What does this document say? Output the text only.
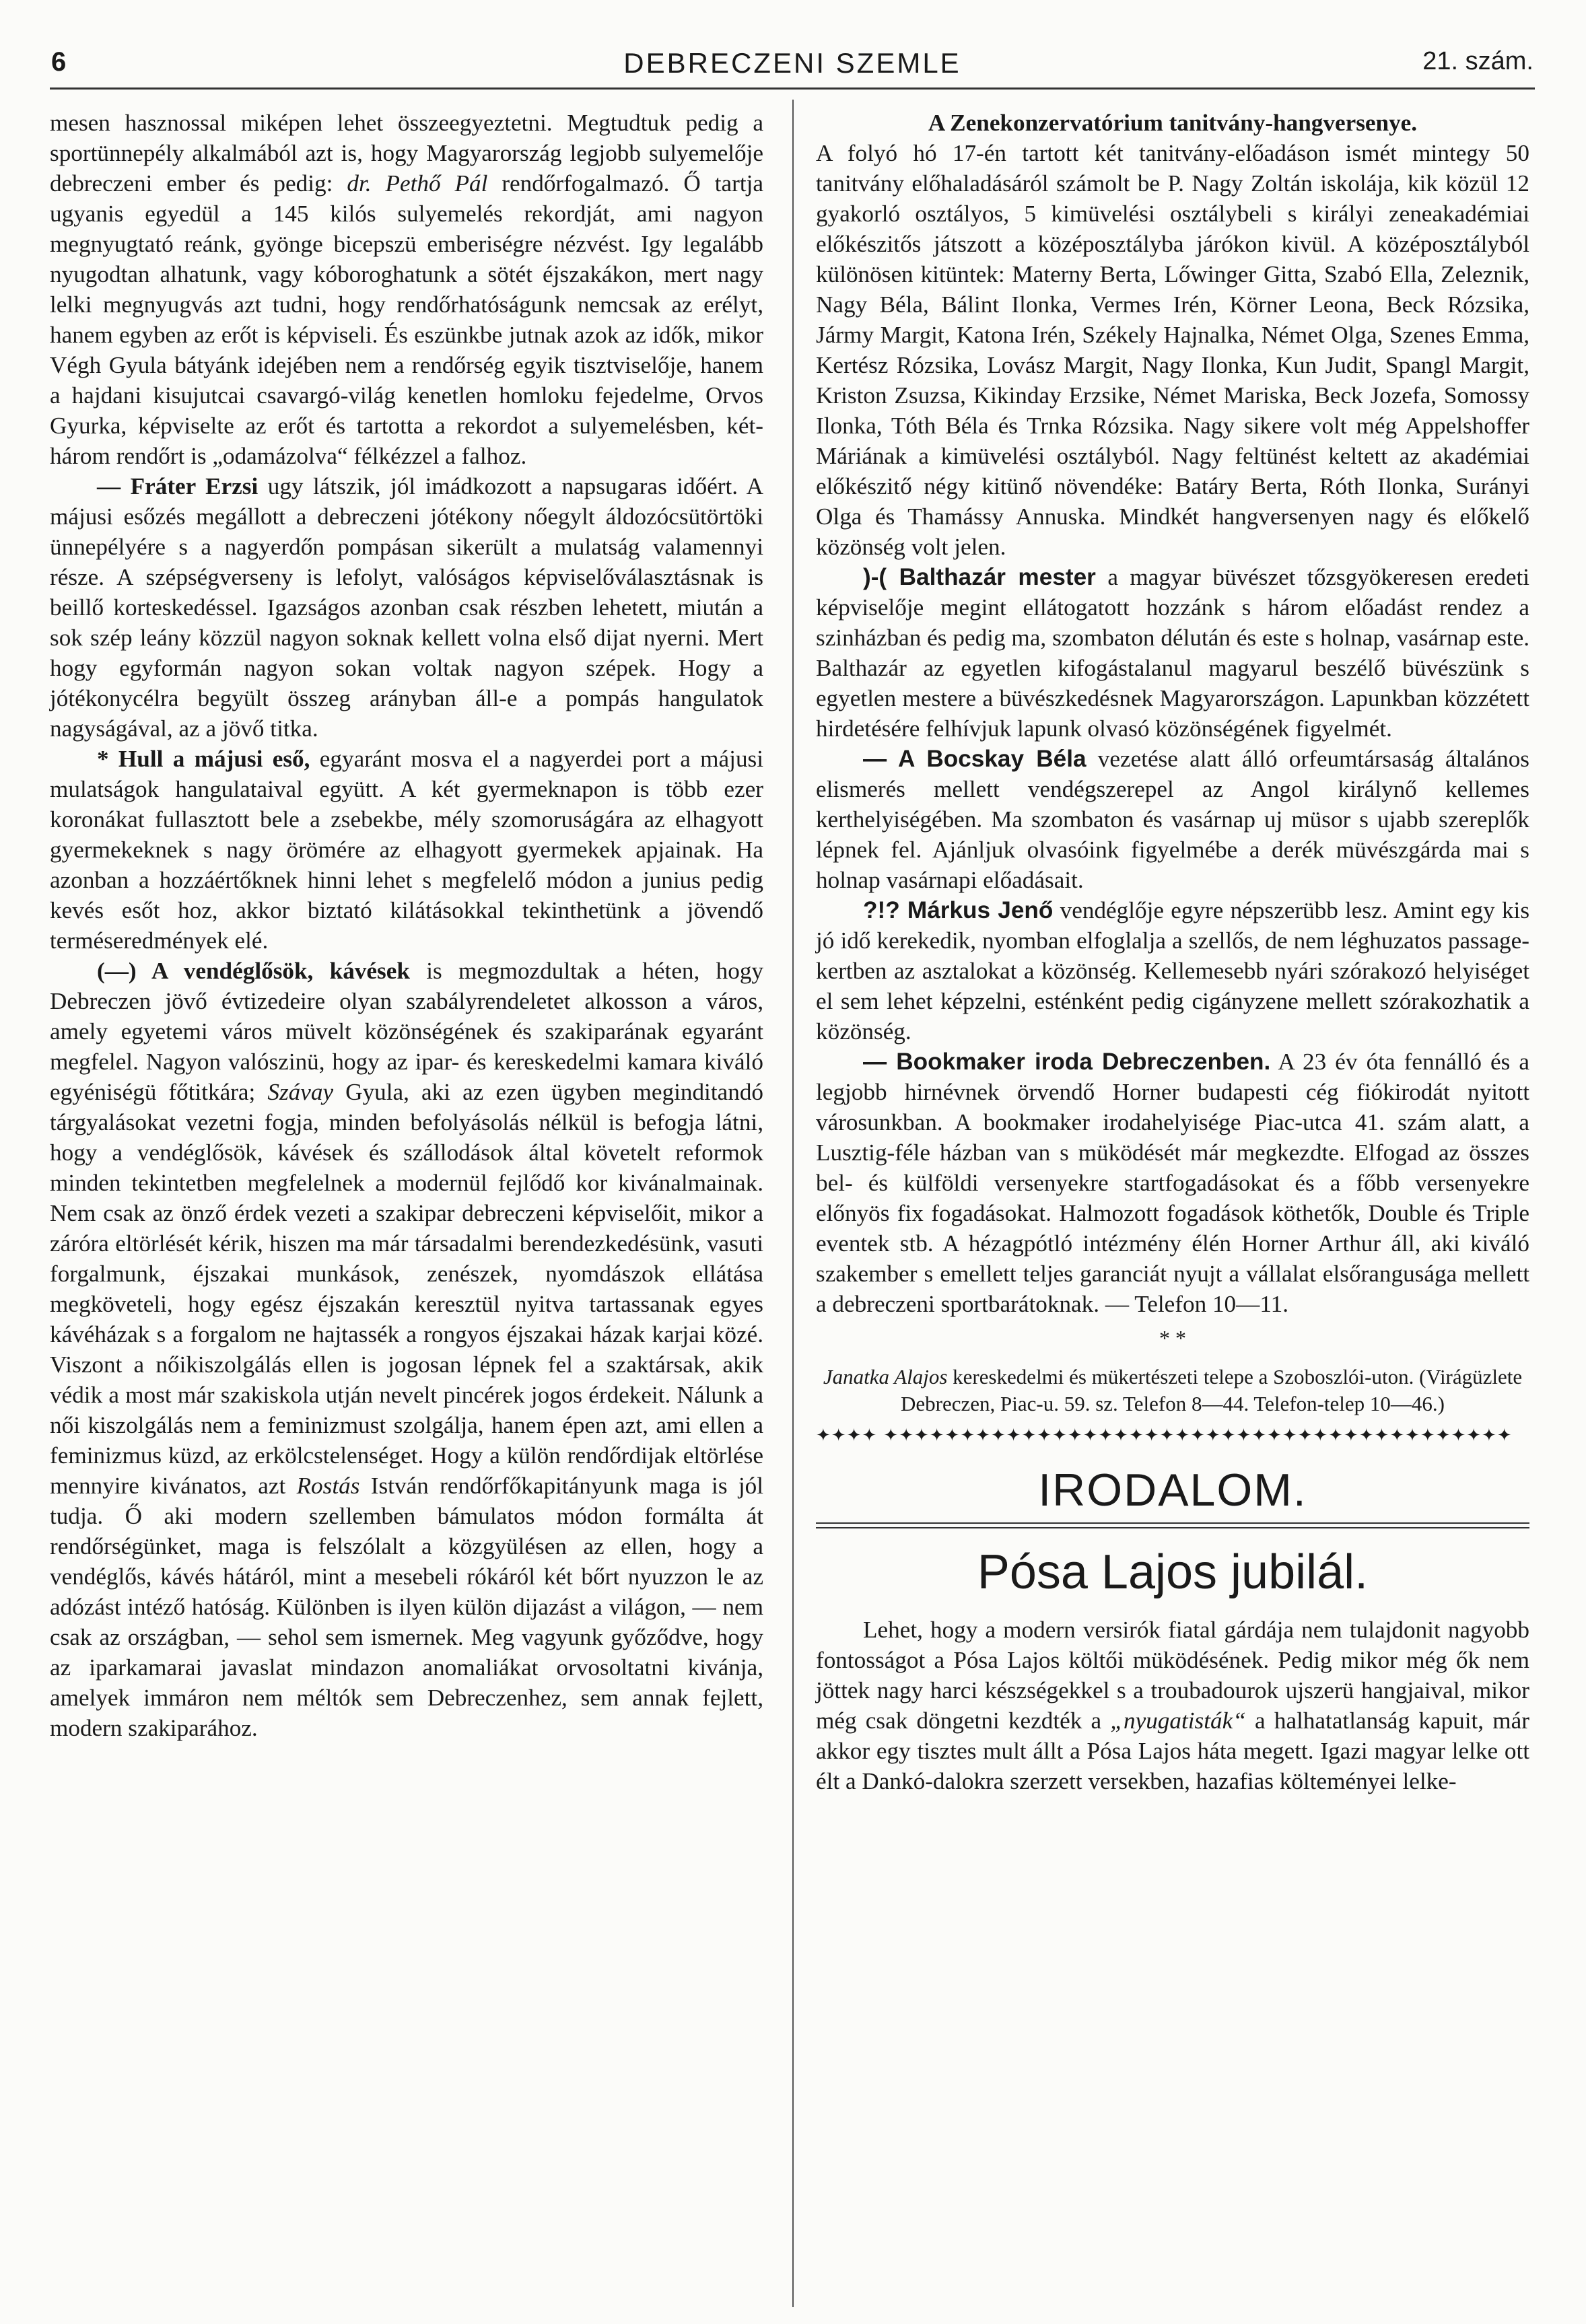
6	DEBRECZENI SZEMLE	21. szám.

mesen hasznossal miképen lehet összeegyeztetni. Megtudtuk pedig a sportünnepély alkalmából azt is, hogy Magyarország legjobb sulyemelője debreczeni ember és pedig: dr. Pethő Pál rendőrfogalmazó. Ő tartja ugyanis egyedül a 145 kilós sulyemelés rekordját, ami nagyon megnyugtató reánk, gyönge bicepszü emberiségre nézvést. Igy legalább nyugodtan alhatunk, vagy kóboroghatunk a sötét éjszakákon, mert nagy lelki megnyugvás azt tudni, hogy rendőrhatóságunk nemcsak az erélyt, hanem egyben az erőt is képviseli. És eszünkbe jutnak azok az idők, mikor Végh Gyula bátyánk idejében nem a rendőrség egyik tisztviselője, hanem a hajdani kisujutcai csavargó-világ kenetlen homloku fejedelme, Orvos Gyurka, képviselte az erőt és tartotta a rekordot a sulyemelésben, két-három rendőrt is „odamázolva“ félkézzel a falhoz.

— Fráter Erzsi ugy látszik, jól imádkozott a napsugaras időért. A májusi esőzés megállott a debreczeni jótékony nőegylt áldozócsütörtöki ünnepélyére s a nagyerdőn pompásan sikerült a mulatság valamennyi része. A szépségverseny is lefolyt, valóságos képviselőválasztásnak is beillő korteskedéssel. Igazságos azonban csak részben lehetett, miután a sok szép leány közzül nagyon soknak kellett volna első dijat nyerni. Mert hogy egyformán nagyon sokan voltak nagyon szépek. Hogy a jótékonycélra begyült összeg arányban áll-e a pompás hangulatok nagyságával, az a jövő titka.

* Hull a májusi eső, egyaránt mosva el a nagyerdei port a májusi mulatságok hangulataival együtt. A két gyermeknapon is több ezer koronákat fullasztott bele a zsebekbe, mély szomoruságára az elhagyott gyermekeknek s nagy örömére az elhagyott gyermekek apjainak. Ha azonban a hozzáértőknek hinni lehet s megfelelő módon a junius pedig kevés esőt hoz, akkor biztató kilátásokkal tekinthetünk a jövendő terméseredmények elé.

(—) A vendéglősök, kávések is megmozdultak a héten, hogy Debreczen jövő évtizedeire olyan szabályrendeletet alkosson a város, amely egyetemi város müvelt közönségének és szakiparának egyaránt megfelel. Nagyon valószinü, hogy az ipar- és kereskedelmi kamara kiváló egyéniségü főtitkára; Szávay Gyula, aki az ezen ügyben meginditandó tárgyalásokat vezetni fogja, minden befolyásolás nélkül is befogja látni, hogy a vendéglősök, kávések és szállodások által követelt reformok minden tekintetben megfelelnek a modernül fejlődő kor kivánalmainak. Nem csak az önző érdek vezeti a szakipar debreczeni képviselőit, mikor a záróra eltörlését kérik, hiszen ma már társadalmi berendezkedésünk, vasuti forgalmunk, éjszakai munkások, zenészek, nyomdászok ellátása megköveteli, hogy egész éjszakán keresztül nyitva tartassanak egyes kávéházak s a forgalom ne hajtassék a rongyos éjszakai házak karjai közé. Viszont a nőikiszolgálás ellen is jogosan lépnek fel a szaktársak, akik védik a most már szakiskola utján nevelt pincérek jogos érdekeit. Nálunk a női kiszolgálás nem a feminizmust szolgálja, hanem épen azt, ami ellen a feminizmus küzd, az erkölcstelenséget. Hogy a külön rendőrdijak eltörlése mennyire kivánatos, azt Rostás István rendőrfőkapitányunk maga is jól tudja. Ő aki modern szellemben bámulatos módon formálta át rendőrségünket, maga is felszólalt a közgyülésen az ellen, hogy a vendéglős, kávés hátáról, mint a mesebeli rókáról két bőrt nyuzzon le az adózást intéző hatóság. Különben is ilyen külön dijazást a világon, — nem csak az országban, — sehol sem ismernek. Meg vagyunk győződve, hogy az iparkamarai javaslat mindazon anomaliákat orvosoltatni kivánja, amelyek immáron nem méltók sem Debreczenhez, sem annak fejlett, modern szakiparához.

A Zenekonzervatórium tanitvány-hangversenye.

A folyó hó 17-én tartott két tanitvány-előadáson ismét mintegy 50 tanitvány előhaladásáról számolt be P. Nagy Zoltán iskolája, kik közül 12 gyakorló osztályos, 5 kimüvelési osztálybeli s királyi zeneakadémiai előkészitős játszott a középosztályba járókon kivül. A középosztályból különösen kitüntek: Materny Berta, Lőwinger Gitta, Szabó Ella, Zeleznik, Nagy Béla, Bálint Ilonka, Vermes Irén, Körner Leona, Beck Rózsika, Jármy Margit, Katona Irén, Székely Hajnalka, Német Olga, Szenes Emma, Kertész Rózsika, Lovász Margit, Nagy Ilonka, Kun Judit, Spangl Margit, Kriston Zsuzsa, Kikinday Erzsike, Német Mariska, Beck Jozefa, Somossy Ilonka, Tóth Béla és Trnka Rózsika. Nagy sikere volt még Appelshoffer Máriának a kimüvelési osztályból. Nagy feltünést keltett az akadémiai előkészitő négy kitünő növendéke: Batáry Berta, Róth Ilonka, Surányi Olga és Thamássy Annuska. Mindkét hangversenyen nagy és előkelő közönség volt jelen.

)-( Balthazár mester a magyar büvészet tőzsgyökeresen eredeti képviselője megint ellátogatott hozzánk s három előadást rendez a szinházban és pedig ma, szombaton délután és este s holnap, vasárnap este. Balthazár az egyetlen kifogástalanul magyarul beszélő büvészünk s egyetlen mestere a büvészkedésnek Magyarországon. Lapunkban közzétett hirdetésére felhívjuk lapunk olvasó közönségének figyelmét.

— A Bocskay Béla vezetése alatt álló orfeumtársaság általános elismerés mellett vendégszerepel az Angol királynő kellemes kerthelyiségében. Ma szombaton és vasárnap uj müsor s ujabb szereplők lépnek fel. Ajánljuk olvasóink figyelmébe a derék müvészgárda mai s holnap vasárnapi előadásait.

?!? Márkus Jenő vendéglője egyre népszerübb lesz. Amint egy kis jó idő kerekedik, nyomban elfoglalja a szellős, de nem léghuzatos passage-kertben az asztalokat a közönség. Kellemesebb nyári szórakozó helyiséget el sem lehet képzelni, esténként pedig cigányzene mellett szórakozhatik a közönség.

— Bookmaker iroda Debreczenben. A 23 év óta fennálló és a legjobb hirnévnek örvendő Horner budapesti cég fiókirodát nyitott városunkban. A bookmaker irodahelyisége Piac-utca 41. szám alatt, a Lusztig-féle házban van s müködését már megkezdte. Elfogad az összes bel- és külföldi versenyekre startfogadásokat és a főbb versenyekre előnyös fix fogadásokat. Halmozott fogadások köthetők, Double és Triple eventek stb. A hézagpótló intézmény élén Horner Arthur áll, aki kiváló szakember s emellett teljes garanciát nyujt a vállalat elsőrangusága mellett a debreczeni sportbarátoknak. — Telefon 10—11.

* *
Janatka Alajos kereskedelmi és mükertészeti telepe a Szoboszlói-uton. (Virágüzlete Debreczen, Piac-u. 59. sz. Telefon 8—44. Telefon-telep 10—46.)
✦✦✦✦ ✦✦✦✦✦✦✦✦✦✦✦✦✦✦✦✦✦✦✦✦✦✦✦✦✦✦✦✦✦✦✦✦✦✦✦✦✦✦✦✦✦
IRODALOM.
Pósa Lajos jubilál.

Lehet, hogy a modern versirók fiatal gárdája nem tulajdonit nagyobb fontosságot a Pósa Lajos költői müködésének. Pedig mikor még ők nem jöttek nagy harci készségekkel s a troubadourok ujszerü hangjaival, mikor még csak döngetni kezdték a „nyugatisták“ a halhatatlanság kapuit, már akkor egy tisztes mult állt a Pósa Lajos hátа megett. Igazi magyar lelke ott élt a Dankó-dalokra szerzett versekben, hazafias költeményei lelke-
